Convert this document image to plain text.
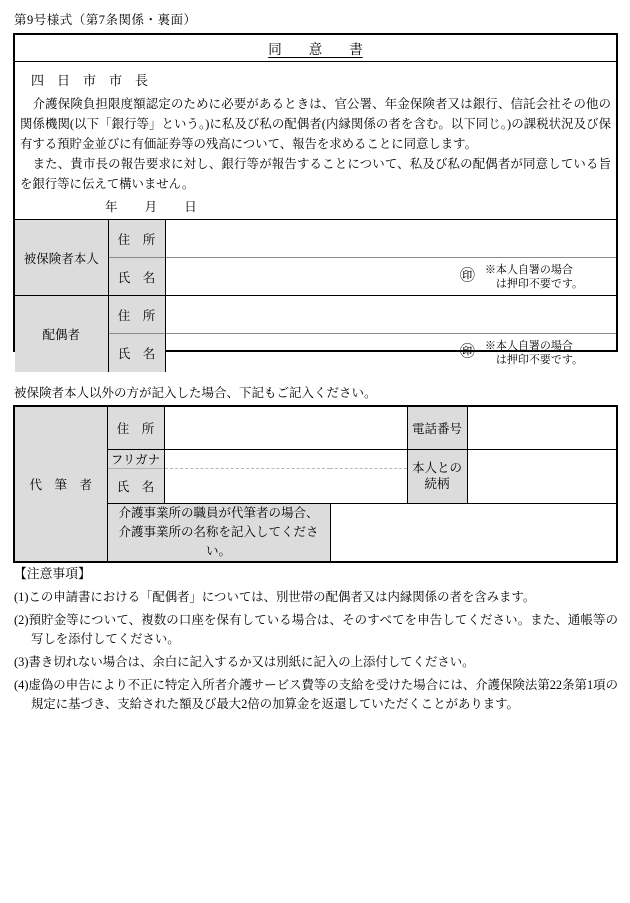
第9号様式（第7条関係・裏面）
同　　意　　書
四　日　市　市　長

　介護保険負担限度額認定のために必要があるときは、官公署、年金保険者又は銀行、信託会社その他の関係機関(以下「銀行等」という。)に私及び私の配偶者(内縁関係の者を含む。以下同じ。)の課税状況及び保有する預貯金並びに有価証券等の残高について、報告を求めることに同意します。

　また、貴市長の報告要求に対し、銀行等が報告することについて、私及び私の配偶者が同意している旨を銀行等に伝えて構いません。

年 月 日
被保険者本人	住　所	
	氏　名	㊞ ※本人自署の場合
は押印不要です。

配偶者	住　所	
	氏　名	㊞ ※本人自署の場合
は押印不要です。
被保険者本人以外の方が記入した場合、下記もご記入ください。
代　筆　者	住　所			電話番号	
	フリガナ			本人との
続柄	

	氏　名				

	介護事業所の職員が代筆者の場合、
介護事業所の名称を記入してください。				

【注意事項】
(1)この申請書における「配偶者」については、別世帯の配偶者又は内縁関係の者を含みます。
(2)預貯金等について、複数の口座を保有している場合は、そのすべてを申告してください。また、通帳等の写しを添付してください。
(3)書き切れない場合は、余白に記入するか又は別紙に記入の上添付してください。
(4)虚偽の申告により不正に特定入所者介護サービス費等の支給を受けた場合には、介護保険法第22条第1項の規定に基づき、支給された額及び最大2倍の加算金を返還していただくことがあります。
